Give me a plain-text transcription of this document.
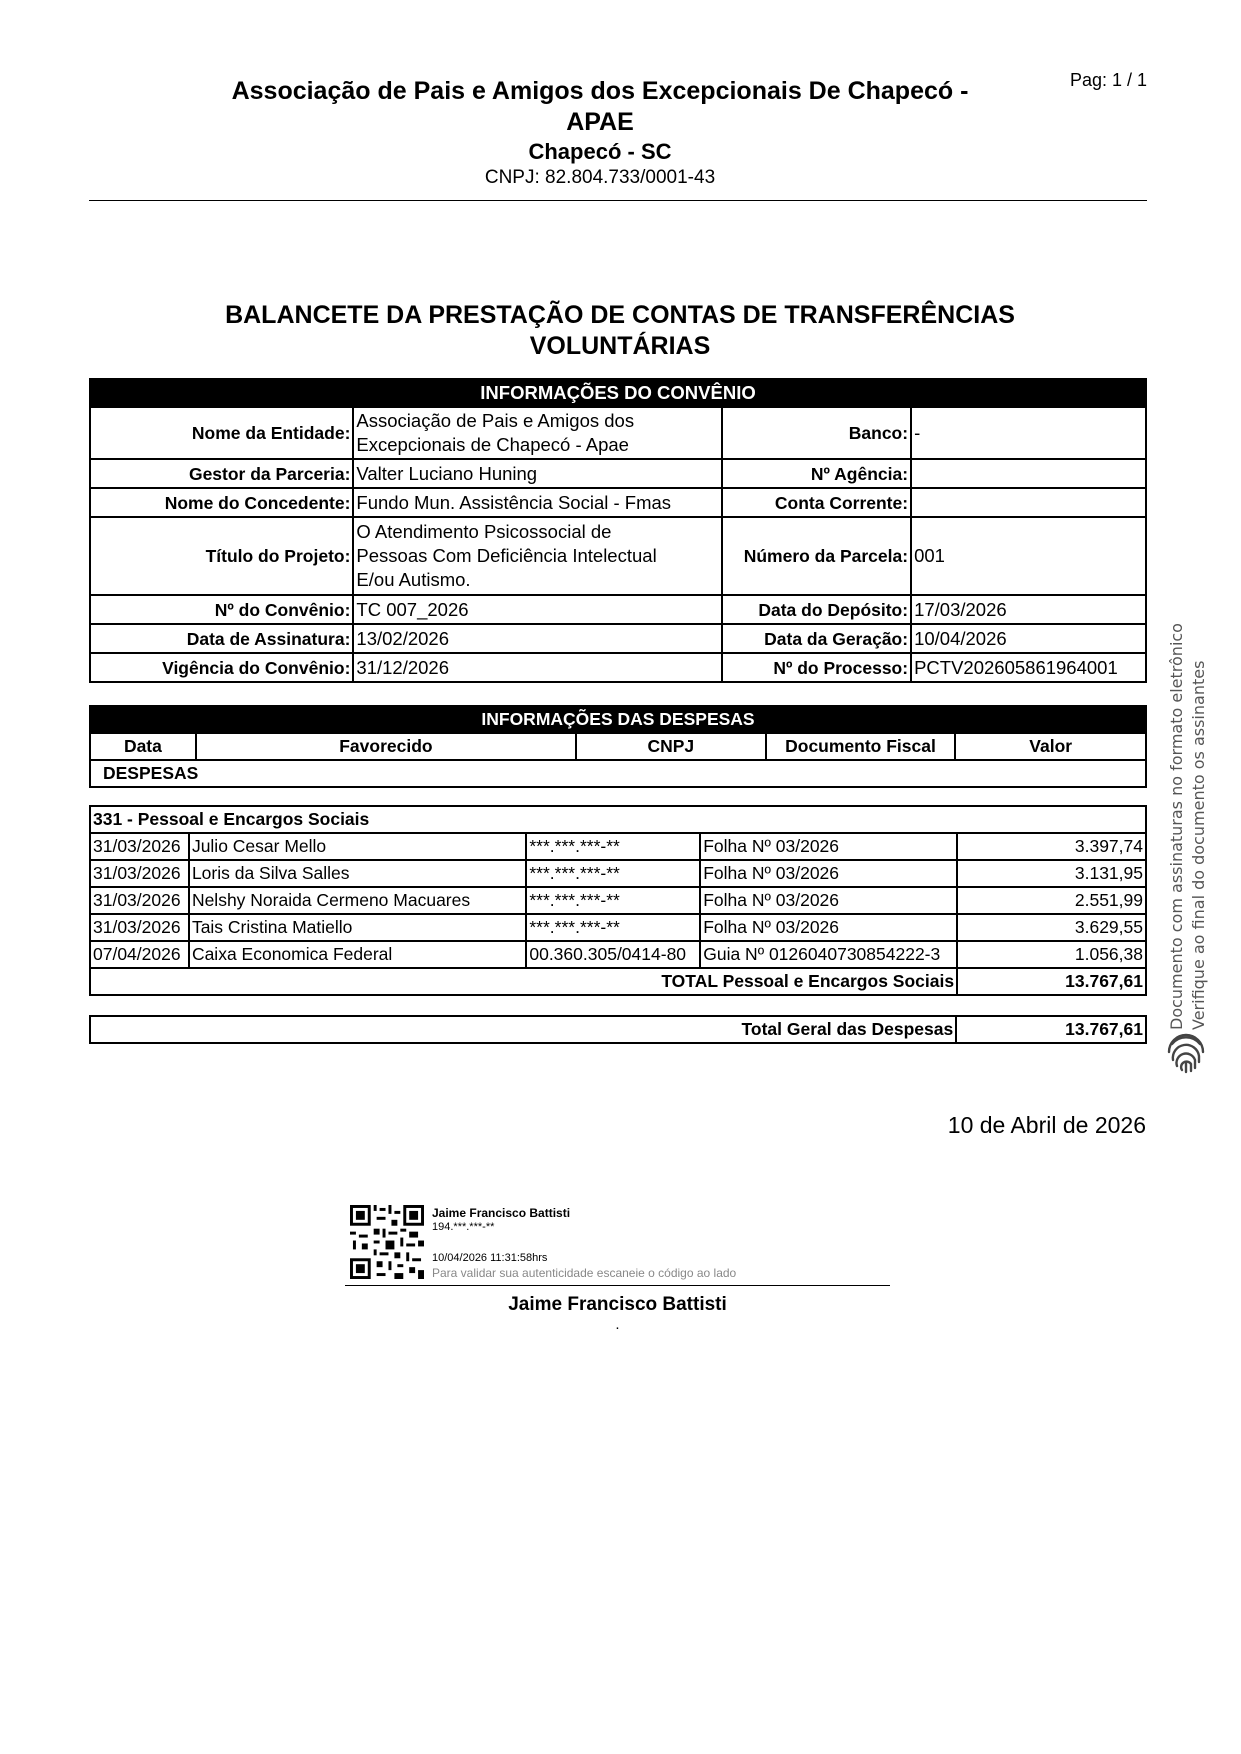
Associação de Pais e Amigos dos Excepcionais De Chapecó -
APAE
Chapecó - SC
CNPJ: 82.804.733/0001-43
Pag: 1 / 1
BALANCETE DA PRESTAÇÃO DE CONTAS DE TRANSFERÊNCIAS
VOLUNTÁRIAS
INFORMAÇÕES DO CONVÊNIO			
Nome da Entidade:	Associação de Pais e Amigos dos
Excepcionais de Chapecó - Apae	Banco:	-
Gestor da Parceria:	Valter Luciano Huning	Nº Agência:	
Nome do Concedente:	Fundo Mun. Assistência Social - Fmas	Conta Corrente:	
Título do Projeto:	O Atendimento Psicossocial de
Pessoas Com Deficiência Intelectual
E/ou Autismo.	Número da Parcela:	001
Nº do Convênio:	TC 007_2026	Data do Depósito:	17/03/2026
Data de Assinatura:	13/02/2026	Data da Geração:	10/04/2026
Vigência do Convênio:	31/12/2026	Nº do Processo:	PCTV202605861964001
INFORMAÇÕES DAS DESPESAS
Data	Favorecido	CNPJ	Documento Fiscal	Valor
DESPESAS
331 - Pessoal e Encargos Sociais				
31/03/2026	Julio Cesar Mello	***.***.***-**	Folha Nº 03/2026	3.397,74
31/03/2026	Loris da Silva Salles	***.***.***-**	Folha Nº 03/2026	3.131,95
31/03/2026	Nelshy Noraida Cermeno Macuares	***.***.***-**	Folha Nº 03/2026	2.551,99
31/03/2026	Tais Cristina Matiello	***.***.***-**	Folha Nº 03/2026	3.629,55
07/04/2026	Caixa Economica Federal	00.360.305/0414-80	Guia Nº 0126040730854222-3	1.056,38
TOTAL Pessoal e Encargos Sociais				13.767,61
Total Geral das Despesas	13.767,61
10 de Abril de 2026
Jaime Francisco Battisti
194.***.***-**
10/04/2026 11:31:58hrs
Para validar sua autenticidade escaneie o código ao lado
Jaime Francisco Battisti
.
Documento com assinaturas no formato eletrônico Verifique ao final do documento os assinantes
